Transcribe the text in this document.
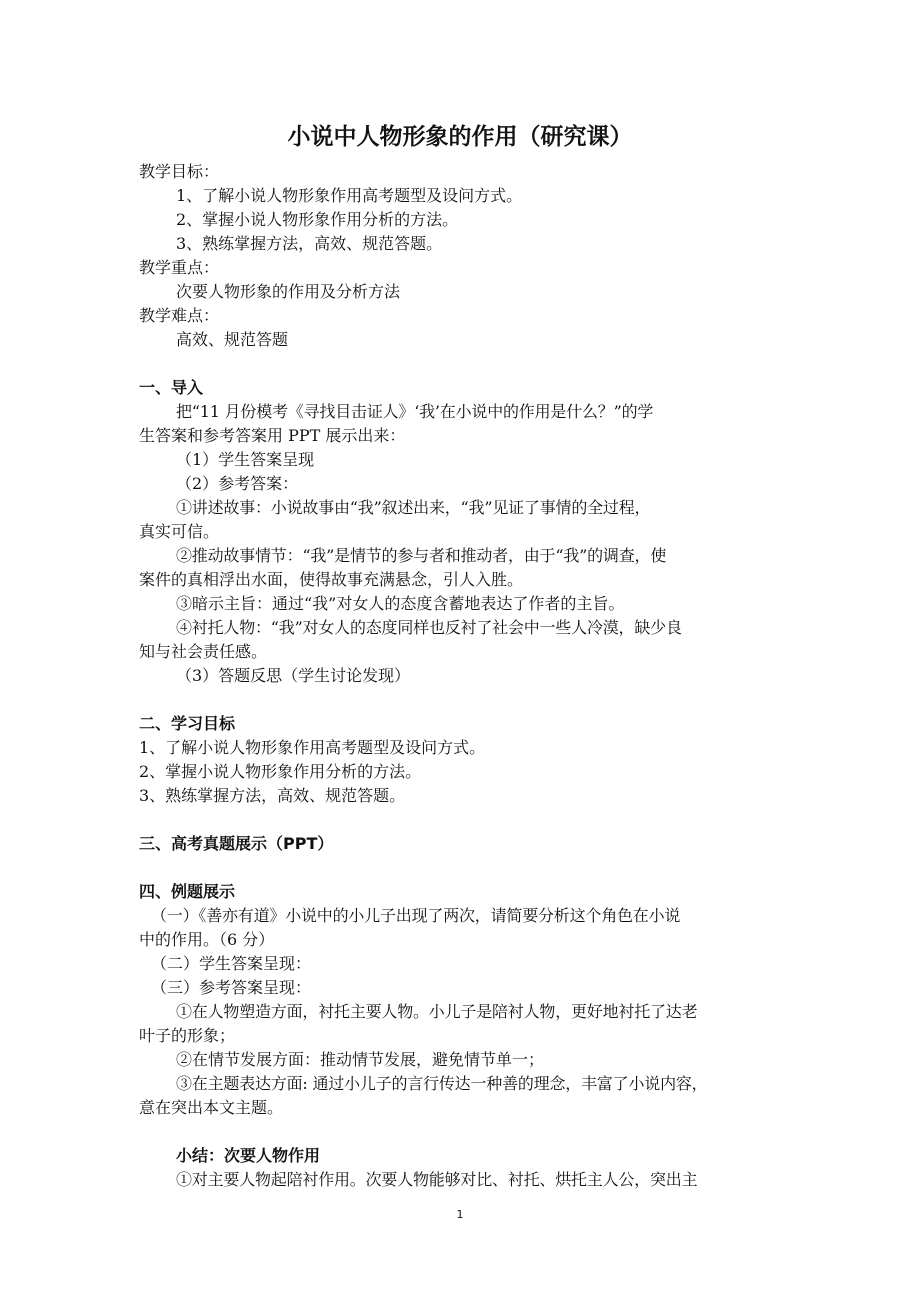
小说中人物形象的作用（研究课）

教学目标：

1、了解小说人物形象作用高考题型及设问方式。

2、掌握小说人物形象作用分析的方法。

3、熟练掌握方法，高效、规范答题。

教学重点：

次要人物形象的作用及分析方法

教学难点：

高效、规范答题

一、导入

把“11 月份模考《寻找目击证人》‘我’在小说中的作用是什么？”的学

生答案和参考答案用 PPT 展示出来：

（1）学生答案呈现

（2）参考答案：

①讲述故事：小说故事由“我”叙述出来，“我”见证了事情的全过程，

真实可信。

②推动故事情节：“我”是情节的参与者和推动者，由于“我”的调查，使

案件的真相浮出水面，使得故事充满悬念，引人入胜。

③暗示主旨：通过“我”对女人的态度含蓄地表达了作者的主旨。

④衬托人物：“我”对女人的态度同样也反衬了社会中一些人冷漠，缺少良

知与社会责任感。

（3）答题反思（学生讨论发现）

二、学习目标

1、了解小说人物形象作用高考题型及设问方式。

2、掌握小说人物形象作用分析的方法。

3、熟练掌握方法，高效、规范答题。

三、高考真题展示（PPT）

四、例题展示

（一）《善亦有道》小说中的小儿子出现了两次，请简要分析这个角色在小说

中的作用。（6 分）

（二）学生答案呈现：

（三）参考答案呈现：

①在人物塑造方面，衬托主要人物。小儿子是陪衬人物，更好地衬托了达老

叶子的形象；

②在情节发展方面：推动情节发展，避免情节单一；

③在主题表达方面: 通过小儿子的言行传达一种善的理念，丰富了小说内容，

意在突出本文主题。

小结：次要人物作用

①对主要人物起陪衬作用。次要人物能够对比、衬托、烘托主人公，突出主

1
